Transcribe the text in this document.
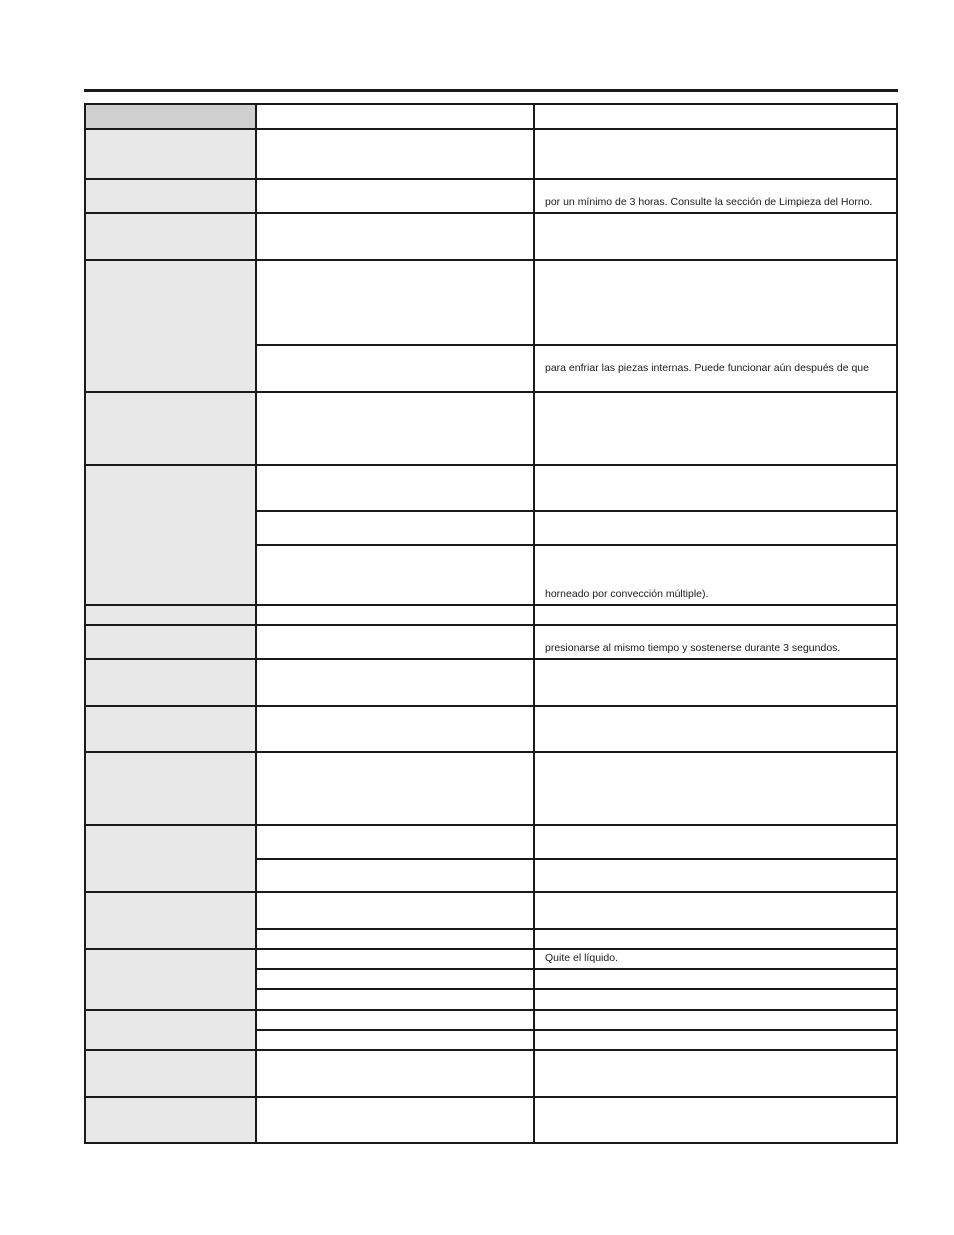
por un mínimo de 3 horas. Consulte la sección de Limpieza del Horno.
para enfriar las piezas internas. Puede funcionar aún después de que
horneado por convección múltiple).
presionarse al mismo tiempo y sostenerse durante 3 segundos.
Quite el líquido.
